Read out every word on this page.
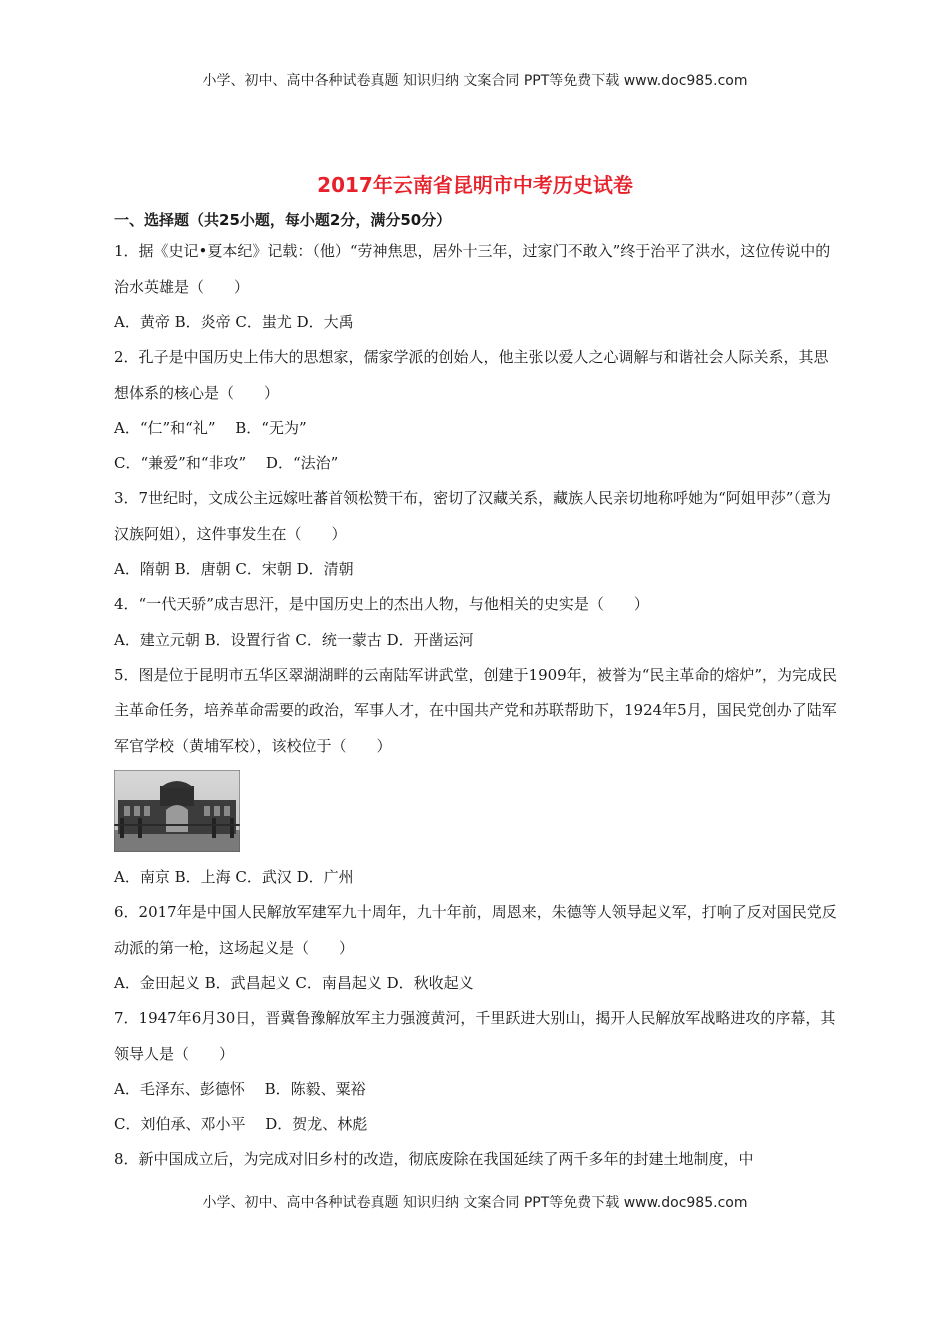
小学、初中、高中各种试卷真题 知识归纳 文案合同 PPT等免费下载 www.doc985.com
2017年云南省昆明市中考历史试卷

一、选择题（共25小题，每小题2分，满分50分）

1．据《史记•夏本纪》记载：（他）“劳神焦思，居外十三年，过家门不敢入”终于治平了洪水，这位传说中的治水英雄是（　　）

A．黄帝 B．炎帝 C．蚩尤 D．大禹

2．孔子是中国历史上伟大的思想家，儒家学派的创始人，他主张以爱人之心调解与和谐社会人际关系，其思想体系的核心是（　　）

A．“仁”和“礼”　 B．“无为”

C．“兼爱”和“非攻”　 D．“法治”

3．7世纪时，文成公主远嫁吐蕃首领松赞干布，密切了汉藏关系，藏族人民亲切地称呼她为“阿姐甲莎”（意为汉族阿姐），这件事发生在（　　）

A．隋朝 B．唐朝 C．宋朝 D．清朝

4．“一代天骄”成吉思汗，是中国历史上的杰出人物，与他相关的史实是（　　）

A．建立元朝 B．设置行省 C．统一蒙古 D．开凿运河

5．图是位于昆明市五华区翠湖湖畔的云南陆军讲武堂，创建于1909年，被誉为“民主革命的熔炉”，为完成民主革命任务，培养革命需要的政治，军事人才，在中国共产党和苏联帮助下，1924年5月，国民党创办了陆军军官学校（黄埔军校），该校位于（　　）

A．南京 B．上海 C．武汉 D．广州

6．2017年是中国人民解放军建军九十周年，九十年前，周恩来，朱德等人领导起义军，打响了反对国民党反动派的第一枪，这场起义是（　　）

A．金田起义 B．武昌起义 C．南昌起义 D．秋收起义

7．1947年6月30日，晋冀鲁豫解放军主力强渡黄河，千里跃进大别山，揭开人民解放军战略进攻的序幕，其领导人是（　　）

A．毛泽东、彭德怀　 B．陈毅、粟裕

C．刘伯承、邓小平　 D．贺龙、林彪

8．新中国成立后，为完成对旧乡村的改造，彻底废除在我国延续了两千多年的封建土地制度，中

小学、初中、高中各种试卷真题 知识归纳 文案合同 PPT等免费下载 www.doc985.com
